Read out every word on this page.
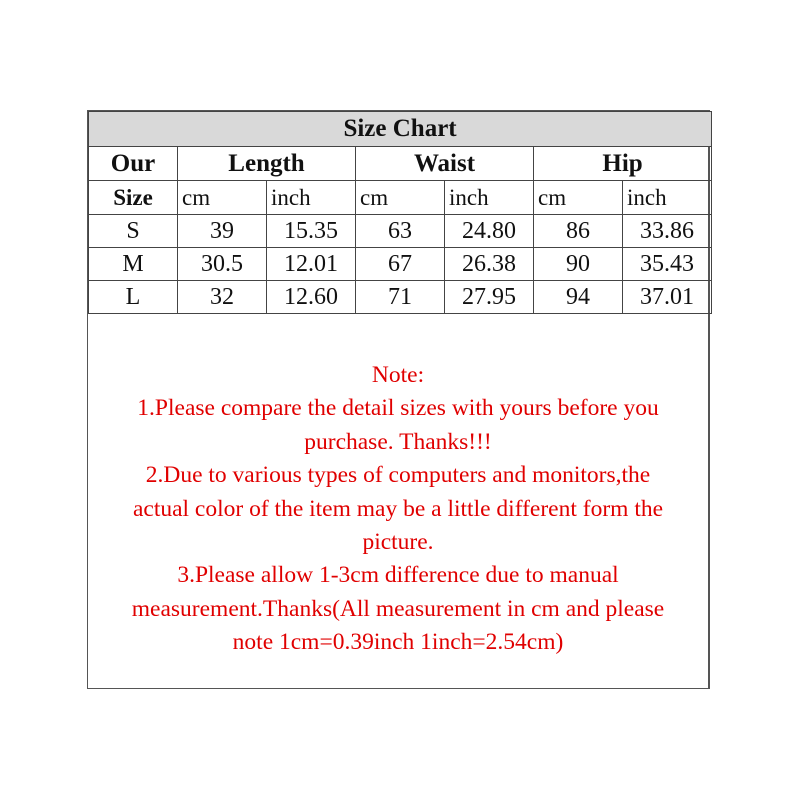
Size Chart						
Our	Length		Waist		Hip	
Size	cm	inch	cm	inch	cm	inch
S	39	15.35	63	24.80	86	33.86
M	30.5	12.01	67	26.38	90	35.43
L	32	12.60	71	27.95	94	37.01
Note:
1.Please compare the detail sizes with yours before you
purchase. Thanks!!!
2.Due to various types of computers and monitors,the
actual color of the item may be a little different form the
picture.
3.Please allow 1-3cm difference due to manual
measurement.Thanks(All measurement in cm and please
note 1cm=0.39inch 1inch=2.54cm)
